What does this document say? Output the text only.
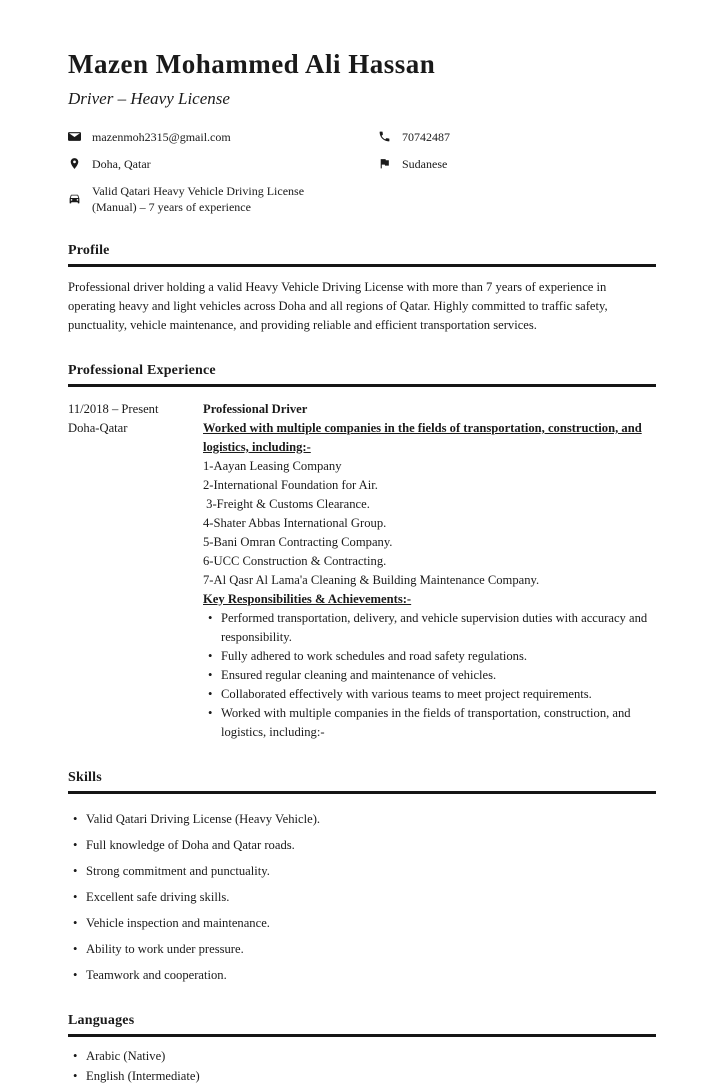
Mazen Mohammed Ali Hassan
Driver – Heavy License
mazenmoh2315@gmail.com	70742487
Doha, Qatar	Sudanese
Valid Qatari Heavy Vehicle Driving License (Manual) – 7 years of experience
Profile
Professional driver holding a valid Heavy Vehicle Driving License with more than 7 years of experience in operating heavy and light vehicles across Doha and all regions of Qatar. Highly committed to traffic safety, punctuality, vehicle maintenance, and providing reliable and efficient transportation services.
Professional Experience
11/2018 – Present
Doha-Qatar
Professional Driver
Worked with multiple companies in the fields of transportation, construction, and logistics, including:-
1-Aayan Leasing Company
2-International Foundation for Air.
3-Freight & Customs Clearance.
4-Shater Abbas International Group.
5-Bani Omran Contracting Company.
6-UCC Construction & Contracting.
7-Al Qasr Al Lama'a Cleaning & Building Maintenance Company.
Key Responsibilities & Achievements:-
• Performed transportation, delivery, and vehicle supervision duties with accuracy and responsibility.
• Fully adhered to work schedules and road safety regulations.
• Ensured regular cleaning and maintenance of vehicles.
• Collaborated effectively with various teams to meet project requirements.
• Worked with multiple companies in the fields of transportation, construction, and logistics, including:-
Skills
• Valid Qatari Driving License (Heavy Vehicle).
• Full knowledge of Doha and Qatar roads.
• Strong commitment and punctuality.
• Excellent safe driving skills.
• Vehicle inspection and maintenance.
• Ability to work under pressure.
• Teamwork and cooperation.
Languages
• Arabic (Native)
• English (Intermediate)
